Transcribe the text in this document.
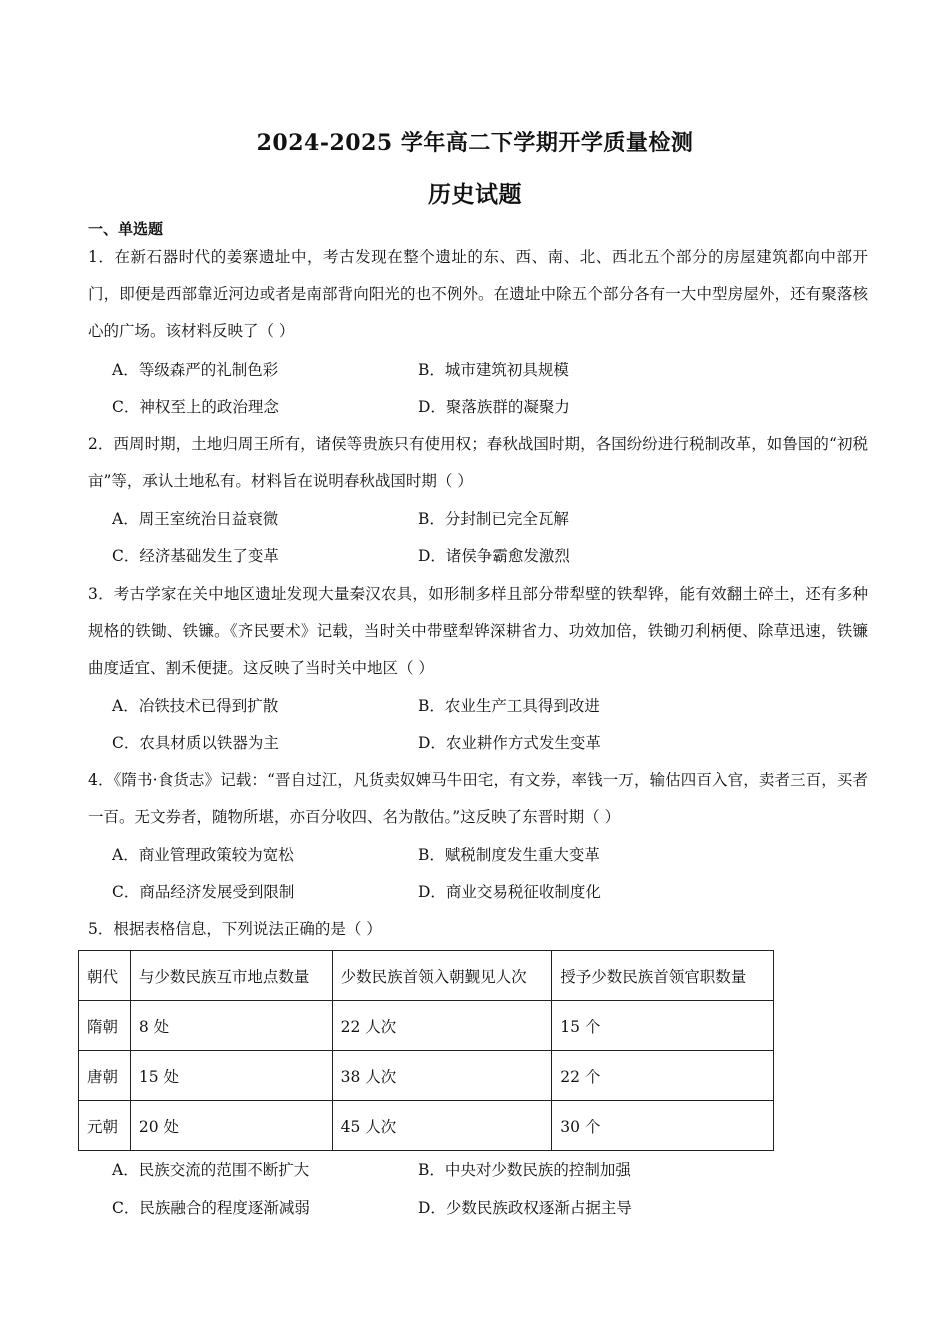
2024-2025 学年高二下学期开学质量检测
历史试题
一、单选题
1．在新石器时代的姜寨遗址中，考古发现在整个遗址的东、西、南、北、西北五个部分的房屋建筑都向中部开门，即便是西部靠近河边或者是南部背向阳光的也不例外。在遗址中除五个部分各有一大中型房屋外，还有聚落核心的广场。该材料反映了（ ）
A．等级森严的礼制色彩	B．城市建筑初具规模
C．神权至上的政治理念	D．聚落族群的凝聚力
2．西周时期，土地归周王所有，诸侯等贵族只有使用权；春秋战国时期，各国纷纷进行税制改革，如鲁国的“初税亩”等，承认土地私有。材料旨在说明春秋战国时期（ ）
A．周王室统治日益衰微	B．分封制已完全瓦解
C．经济基础发生了变革	D．诸侯争霸愈发激烈
3．考古学家在关中地区遗址发现大量秦汉农具，如形制多样且部分带犁壁的铁犁铧，能有效翻土碎土，还有多种规格的铁锄、铁镰。《齐民要术》记载，当时关中带壁犁铧深耕省力、功效加倍，铁锄刃利柄便、除草迅速，铁镰曲度适宜、割禾便捷。这反映了当时关中地区（ ）
A．冶铁技术已得到扩散	B．农业生产工具得到改进
C．农具材质以铁器为主	D．农业耕作方式发生变革
4．《隋书·食货志》记载：“晋自过江，凡货卖奴婢马牛田宅，有文券，率钱一万，输估四百入官，卖者三百，买者一百。无文券者，随物所堪，亦百分收四、名为散估。”这反映了东晋时期（ ）
A．商业管理政策较为宽松	B．赋税制度发生重大变革
C．商品经济发展受到限制	D．商业交易税征收制度化
5．根据表格信息，下列说法正确的是（ ）
朝代	与少数民族互市地点数量	少数民族首领入朝觐见人次	授予少数民族首领官职数量
隋朝	8 处	22 人次	15 个
唐朝	15 处	38 人次	22 个
元朝	20 处	45 人次	30 个
A．民族交流的范围不断扩大	B．中央对少数民族的控制加强
C．民族融合的程度逐渐减弱	D．少数民族政权逐渐占据主导
